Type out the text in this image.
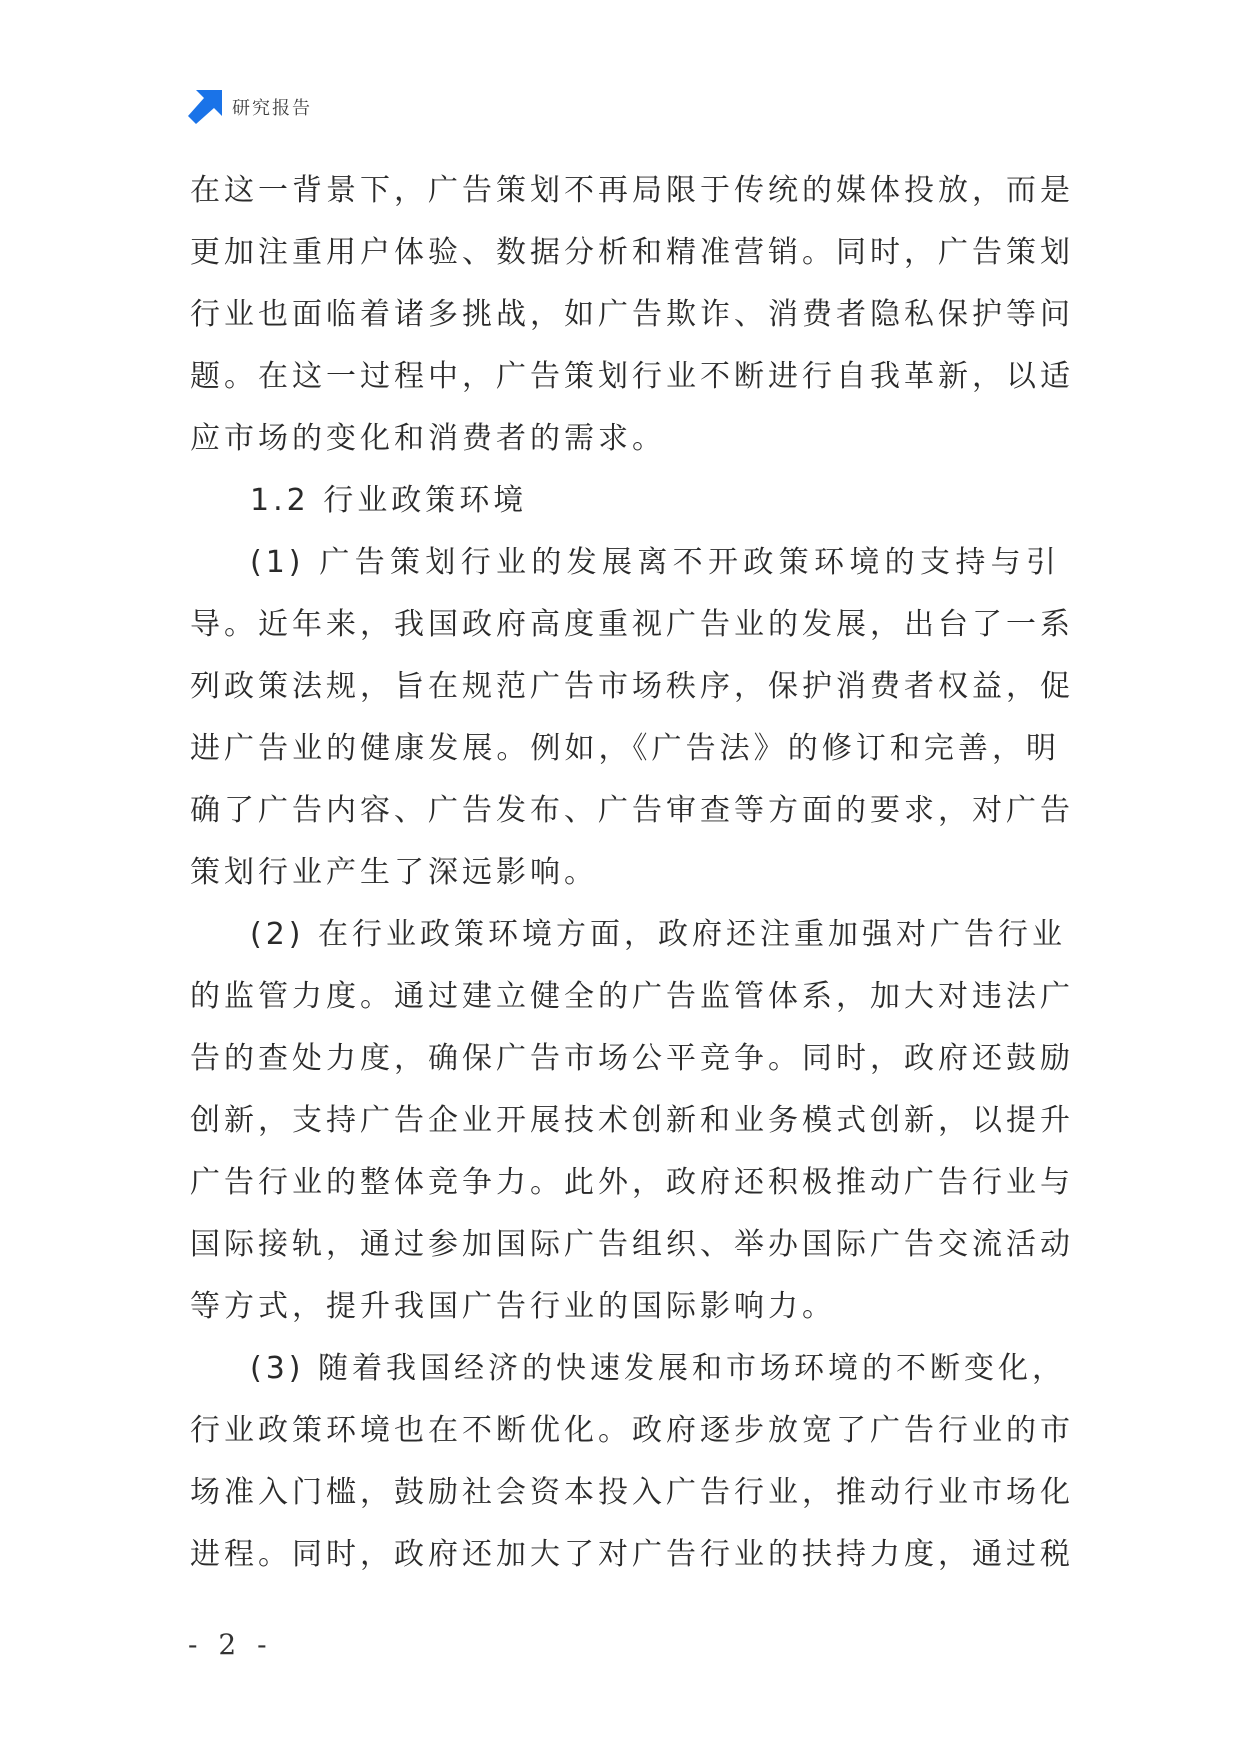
研究报告
在这一背景下，广告策划不再局限于传统的媒体投放，而是
更加注重用户体验、数据分析和精准营销。同时，广告策划
行业也面临着诸多挑战，如广告欺诈、消费者隐私保护等问
题。在这一过程中，广告策划行业不断进行自我革新，以适
应市场的变化和消费者的需求。
1.2 行业政策环境
(1) 广告策划行业的发展离不开政策环境的支持与引
导。近年来，我国政府高度重视广告业的发展，出台了一系
列政策法规，旨在规范广告市场秩序，保护消费者权益，促
进广告业的健康发展。例如，《广告法》的修订和完善，明
确了广告内容、广告发布、广告审查等方面的要求，对广告
策划行业产生了深远影响。
(2) 在行业政策环境方面，政府还注重加强对广告行业
的监管力度。通过建立健全的广告监管体系，加大对违法广
告的查处力度，确保广告市场公平竞争。同时，政府还鼓励
创新，支持广告企业开展技术创新和业务模式创新，以提升
广告行业的整体竞争力。此外，政府还积极推动广告行业与
国际接轨，通过参加国际广告组织、举办国际广告交流活动
等方式，提升我国广告行业的国际影响力。
(3) 随着我国经济的快速发展和市场环境的不断变化，
行业政策环境也在不断优化。政府逐步放宽了广告行业的市
场准入门槛，鼓励社会资本投入广告行业，推动行业市场化
进程。同时，政府还加大了对广告行业的扶持力度，通过税
- 2 -
